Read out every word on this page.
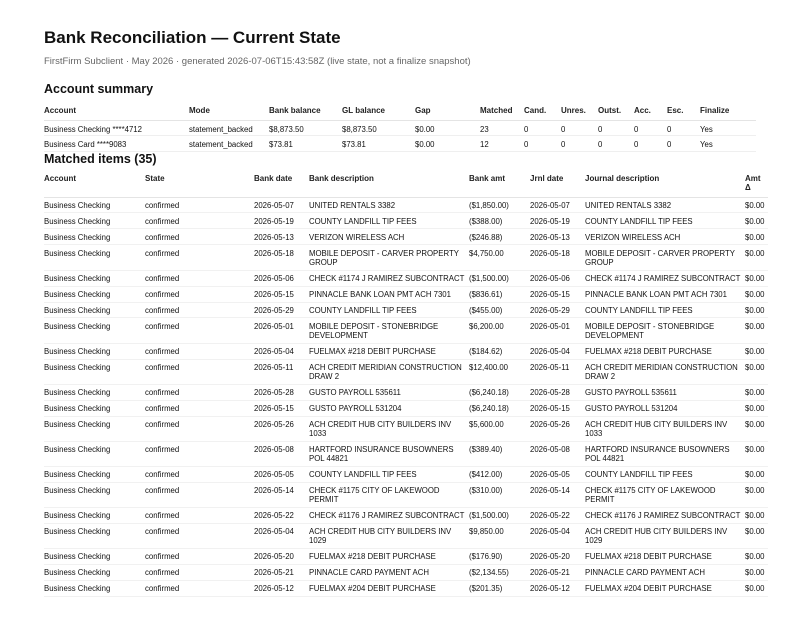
Bank Reconciliation — Current State
FirstFirm Subclient · May 2026 · generated 2026-07-06T15:43:58Z (live state, not a finalize snapshot)
Account summary
Account	Mode	Bank balance	GL balance	Gap	Matched	Cand.	Unres.	Outst.	Acc.	Esc.	Finalize
Business Checking ****4712	statement_backed	$8,873.50	$8,873.50	$0.00	23	0	0	0	0	0	Yes
Business Card ****9083	statement_backed	$73.81	$73.81	$0.00	12	0	0	0	0	0	Yes
Matched items (35)
Account	State	Bank date	Bank description	Bank amt	Jrnl date	Journal description	Amt Δ
Business Checking	confirmed	2026-05-07	UNITED RENTALS 3382	($1,850.00)	2026-05-07	UNITED RENTALS 3382	$0.00
Business Checking	confirmed	2026-05-19	COUNTY LANDFILL TIP FEES	($388.00)	2026-05-19	COUNTY LANDFILL TIP FEES	$0.00
Business Checking	confirmed	2026-05-13	VERIZON WIRELESS ACH	($246.88)	2026-05-13	VERIZON WIRELESS ACH	$0.00
Business Checking	confirmed	2026-05-18	MOBILE DEPOSIT - CARVER PROPERTY GROUP	$4,750.00	2026-05-18	MOBILE DEPOSIT - CARVER PROPERTY GROUP	$0.00
Business Checking	confirmed	2026-05-06	CHECK #1174 J RAMIREZ SUBCONTRACT	($1,500.00)	2026-05-06	CHECK #1174 J RAMIREZ SUBCONTRACT	$0.00
Business Checking	confirmed	2026-05-15	PINNACLE BANK LOAN PMT ACH 7301	($836.61)	2026-05-15	PINNACLE BANK LOAN PMT ACH 7301	$0.00
Business Checking	confirmed	2026-05-29	COUNTY LANDFILL TIP FEES	($455.00)	2026-05-29	COUNTY LANDFILL TIP FEES	$0.00
Business Checking	confirmed	2026-05-01	MOBILE DEPOSIT - STONEBRIDGE DEVELOPMENT	$6,200.00	2026-05-01	MOBILE DEPOSIT - STONEBRIDGE DEVELOPMENT	$0.00
Business Checking	confirmed	2026-05-04	FUELMAX #218 DEBIT PURCHASE	($184.62)	2026-05-04	FUELMAX #218 DEBIT PURCHASE	$0.00
Business Checking	confirmed	2026-05-11	ACH CREDIT MERIDIAN CONSTRUCTION DRAW 2	$12,400.00	2026-05-11	ACH CREDIT MERIDIAN CONSTRUCTION DRAW 2	$0.00
Business Checking	confirmed	2026-05-28	GUSTO PAYROLL 535611	($6,240.18)	2026-05-28	GUSTO PAYROLL 535611	$0.00
Business Checking	confirmed	2026-05-15	GUSTO PAYROLL 531204	($6,240.18)	2026-05-15	GUSTO PAYROLL 531204	$0.00
Business Checking	confirmed	2026-05-26	ACH CREDIT HUB CITY BUILDERS INV 1033	$5,600.00	2026-05-26	ACH CREDIT HUB CITY BUILDERS INV 1033	$0.00
Business Checking	confirmed	2026-05-08	HARTFORD INSURANCE BUSOWNERS POL 44821	($389.40)	2026-05-08	HARTFORD INSURANCE BUSOWNERS POL 44821	$0.00
Business Checking	confirmed	2026-05-05	COUNTY LANDFILL TIP FEES	($412.00)	2026-05-05	COUNTY LANDFILL TIP FEES	$0.00
Business Checking	confirmed	2026-05-14	CHECK #1175 CITY OF LAKEWOOD PERMIT	($310.00)	2026-05-14	CHECK #1175 CITY OF LAKEWOOD PERMIT	$0.00
Business Checking	confirmed	2026-05-22	CHECK #1176 J RAMIREZ SUBCONTRACT	($1,500.00)	2026-05-22	CHECK #1176 J RAMIREZ SUBCONTRACT	$0.00
Business Checking	confirmed	2026-05-04	ACH CREDIT HUB CITY BUILDERS INV 1029	$9,850.00	2026-05-04	ACH CREDIT HUB CITY BUILDERS INV 1029	$0.00
Business Checking	confirmed	2026-05-20	FUELMAX #218 DEBIT PURCHASE	($176.90)	2026-05-20	FUELMAX #218 DEBIT PURCHASE	$0.00
Business Checking	confirmed	2026-05-21	PINNACLE CARD PAYMENT ACH	($2,134.55)	2026-05-21	PINNACLE CARD PAYMENT ACH	$0.00
Business Checking	confirmed	2026-05-12	FUELMAX #204 DEBIT PURCHASE	($201.35)	2026-05-12	FUELMAX #204 DEBIT PURCHASE	$0.00
